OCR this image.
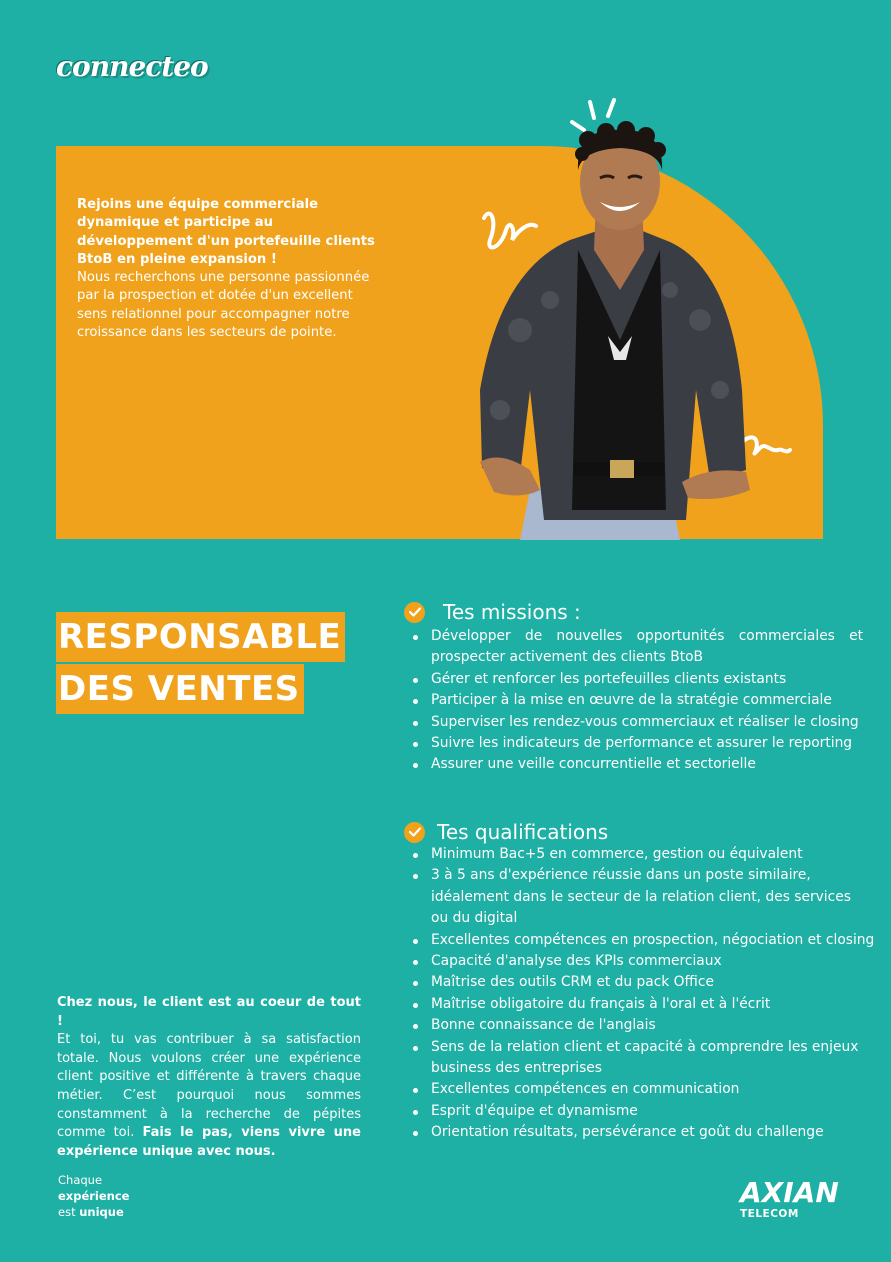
connecteo
Rejoins une équipe commerciale dynamique et participe au développement d'un portefeuille clients BtoB en pleine expansion !
Nous recherchons une personne passionnée par la prospection et dotée d'un excellent sens relationnel pour accompagner notre croissance dans les secteurs de pointe.
RESPONSABLE
DES VENTES
Tes missions :
Développer de nouvelles opportunités commerciales et prospecter activement des clients BtoB
Gérer et renforcer les portefeuilles clients existants
Participer à la mise en œuvre de la stratégie commerciale
Superviser les rendez-vous commerciaux et réaliser le closing
Suivre les indicateurs de performance et assurer le reporting
Assurer une veille concurrentielle et sectorielle
Tes qualifications
Minimum Bac+5 en commerce, gestion ou équivalent
3 à 5 ans d'expérience réussie dans un poste similaire, idéalement dans le secteur de la relation client, des services ou du digital
Excellentes compétences en prospection, négociation et closing
Capacité d'analyse des KPIs commerciaux
Maîtrise des outils CRM et du pack Office
Maîtrise obligatoire du français à l'oral et à l'écrit
Bonne connaissance de l'anglais
Sens de la relation client et capacité à comprendre les enjeux business des entreprises
Excellentes compétences en communication
Esprit d'équipe et dynamisme
Orientation résultats, persévérance et goût du challenge
Chez nous, le client est au coeur de tout !
Et toi, tu vas contribuer à sa satisfaction totale. Nous voulons créer une expérience client positive et différente à travers chaque métier. C’est pourquoi nous sommes constamment à la recherche de pépites comme toi. Fais le pas, viens vivre une expérience unique avec nous.
Chaque
expérience
est unique
AXIAN
TELECOM
